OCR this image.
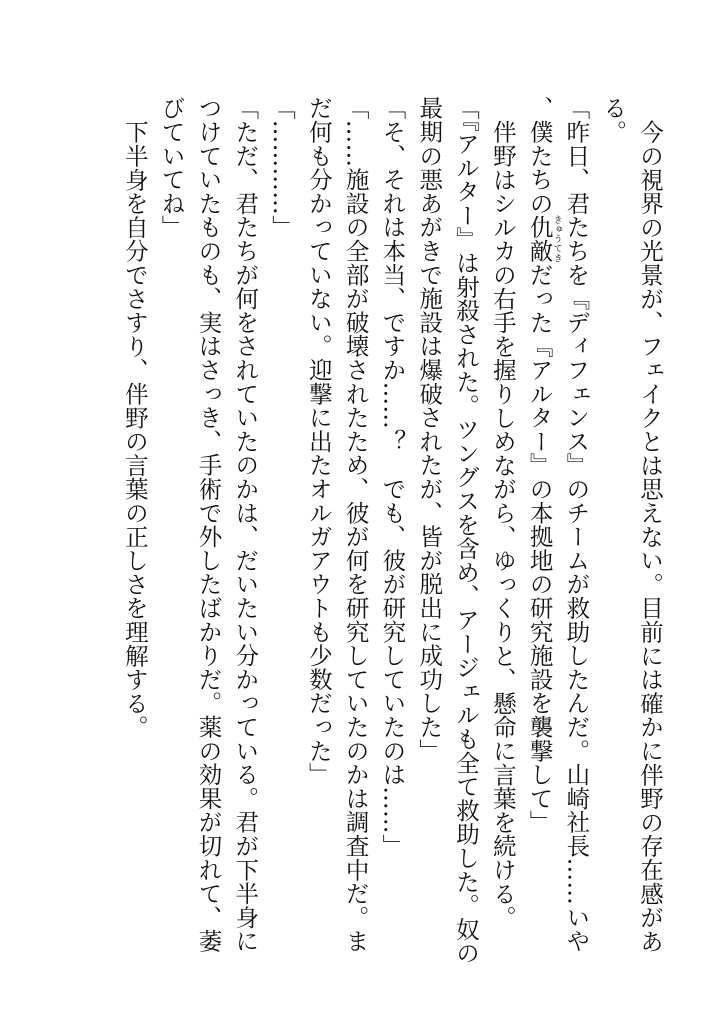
今の視界の光景が、フェイクとは思えない。目前には確かに伴野の存在感がある。

「昨日、君たちを『ディフェンス』のチームが救助したんだ。山崎社長……いや、僕たちの仇敵きゅうてきだった『アルター』の本拠地の研究施設を襲撃して」

伴野はシルカの右手を握りしめながら、ゆっくりと、懸命に言葉を続ける。

「『アルター』は射殺された。ツングスを含め、アージェルも全て救助した。奴の最期の悪あがきで施設は爆破されたが、皆が脱出に成功した」

「そ、それは本当、ですか……？　でも、彼が研究していたのは……」

「……施設の全部が破壊されたため、彼が何を研究していたのかは調査中だ。まだ何も分かっていない。迎撃に出たオルガアウトも少数だった」

「…………」

「ただ、君たちが何をされていたのかは、だいたい分かっている。君が下半身につけていたものも、実はさっき、手術で外したばかりだ。薬の効果が切れて、萎びていてね」

下半身を自分でさすり、伴野の言葉の正しさを理解する。
